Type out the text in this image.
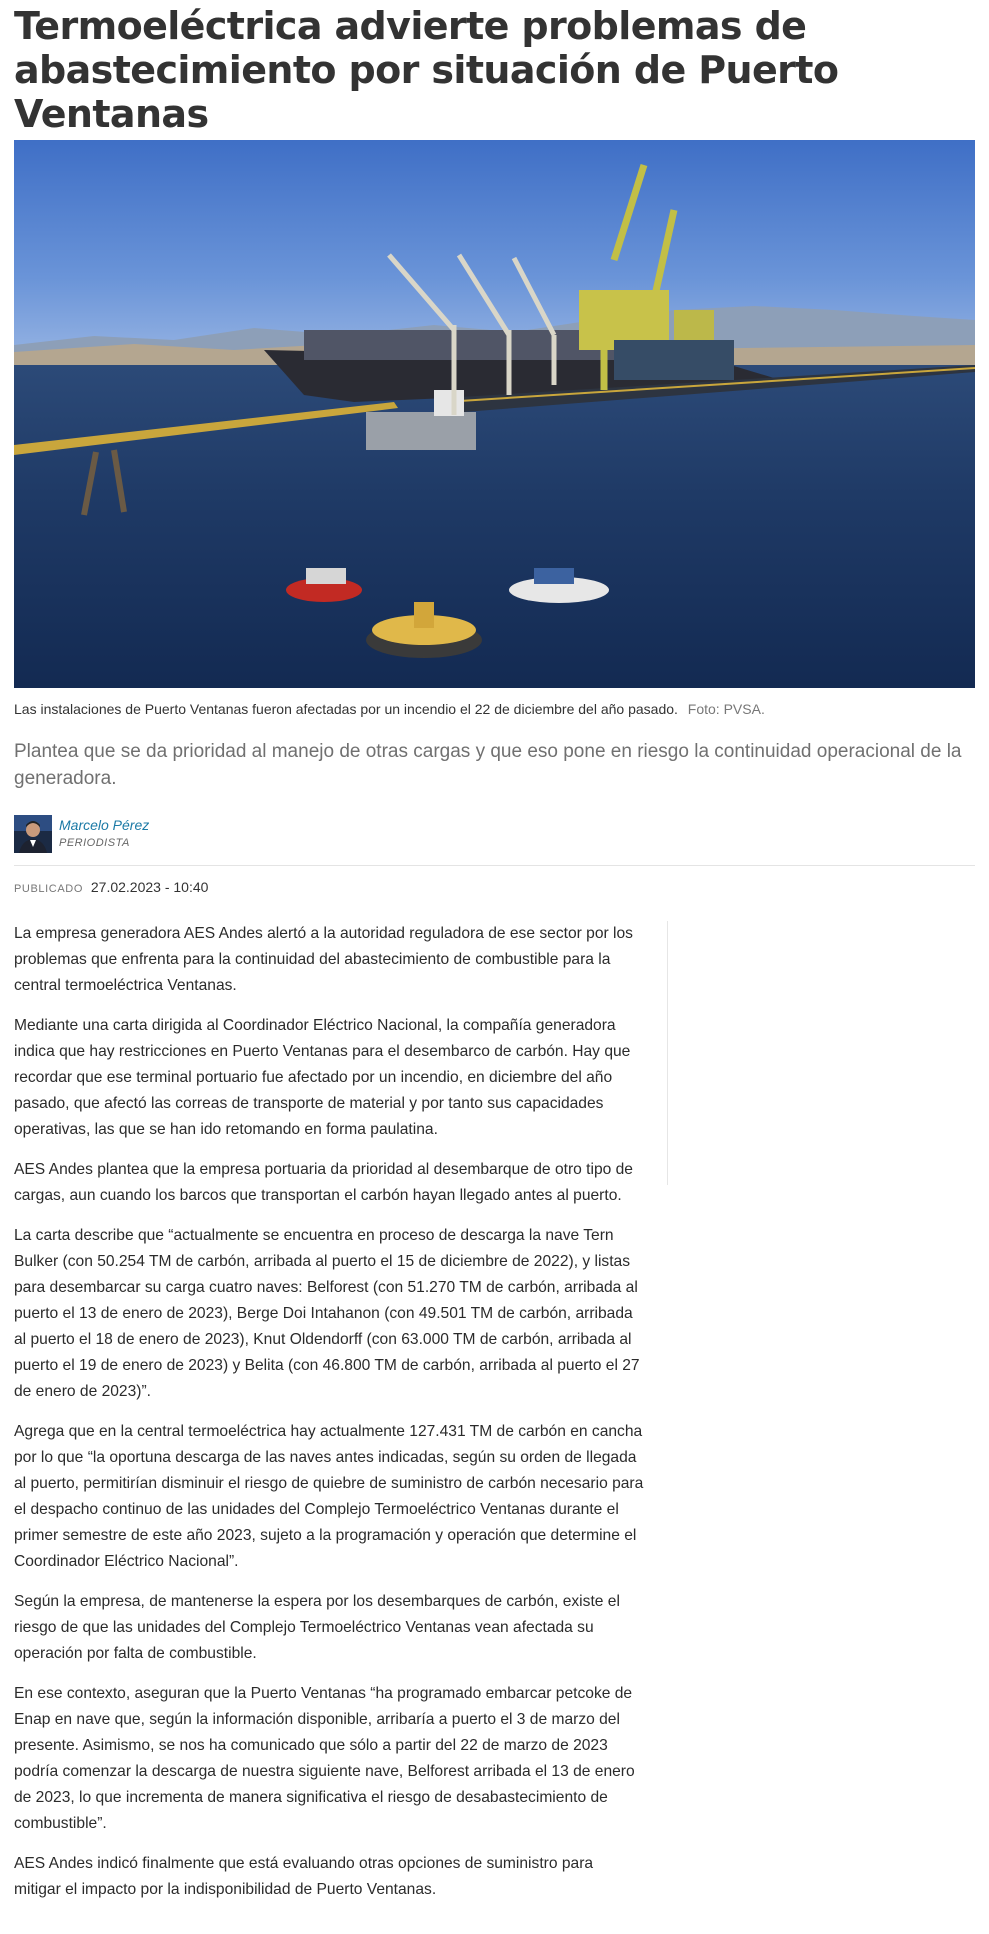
Termoeléctrica advierte problemas de abastecimiento por situación de Puerto Ventanas

Las instalaciones de Puerto Ventanas fueron afectadas por un incendio el 22 de diciembre del año pasado. Foto: PVSA.

Plantea que se da prioridad al manejo de otras cargas y que eso pone en riesgo la continuidad operacional de la generadora.

Marcelo Pérez
PERIODISTA

PUBLICADO 27.02.2023 - 10:40

La empresa generadora AES Andes alertó a la autoridad reguladora de ese sector por los problemas que enfrenta para la continuidad del abastecimiento de combustible para la central termoeléctrica Ventanas.

Mediante una carta dirigida al Coordinador Eléctrico Nacional, la compañía generadora indica que hay restricciones en Puerto Ventanas para el desembarco de carbón. Hay que recordar que ese terminal portuario fue afectado por un incendio, en diciembre del año pasado, que afectó las correas de transporte de material y por tanto sus capacidades operativas, las que se han ido retomando en forma paulatina.

AES Andes plantea que la empresa portuaria da prioridad al desembarque de otro tipo de cargas, aun cuando los barcos que transportan el carbón hayan llegado antes al puerto.

La carta describe que “actualmente se encuentra en proceso de descarga la nave Tern Bulker (con 50.254 TM de carbón, arribada al puerto el 15 de diciembre de 2022), y listas para desembarcar su carga cuatro naves: Belforest (con 51.270 TM de carbón, arribada al puerto el 13 de enero de 2023), Berge Doi Intahanon (con 49.501 TM de carbón, arribada al puerto el 18 de enero de 2023), Knut Oldendorff (con 63.000 TM de carbón, arribada al puerto el 19 de enero de 2023) y Belita (con 46.800 TM de carbón, arribada al puerto el 27 de enero de 2023)”.

Agrega que en la central termoeléctrica hay actualmente 127.431 TM de carbón en cancha por lo que “la oportuna descarga de las naves antes indicadas, según su orden de llegada al puerto, permitirían disminuir el riesgo de quiebre de suministro de carbón necesario para el despacho continuo de las unidades del Complejo Termoeléctrico Ventanas durante el primer semestre de este año 2023, sujeto a la programación y operación que determine el Coordinador Eléctrico Nacional”.

Según la empresa, de mantenerse la espera por los desembarques de carbón, existe el riesgo de que las unidades del Complejo Termoeléctrico Ventanas vean afectada su operación por falta de combustible.

En ese contexto, aseguran que la Puerto Ventanas “ha programado embarcar petcoke de Enap en nave que, según la información disponible, arribaría a puerto el 3 de marzo del presente. Asimismo, se nos ha comunicado que sólo a partir del 22 de marzo de 2023 podría comenzar la descarga de nuestra siguiente nave, Belforest arribada el 13 de enero de 2023, lo que incrementa de manera significativa el riesgo de desabastecimiento de combustible”.

AES Andes indicó finalmente que está evaluando otras opciones de suministro para mitigar el impacto por la indisponibilidad de Puerto Ventanas.
